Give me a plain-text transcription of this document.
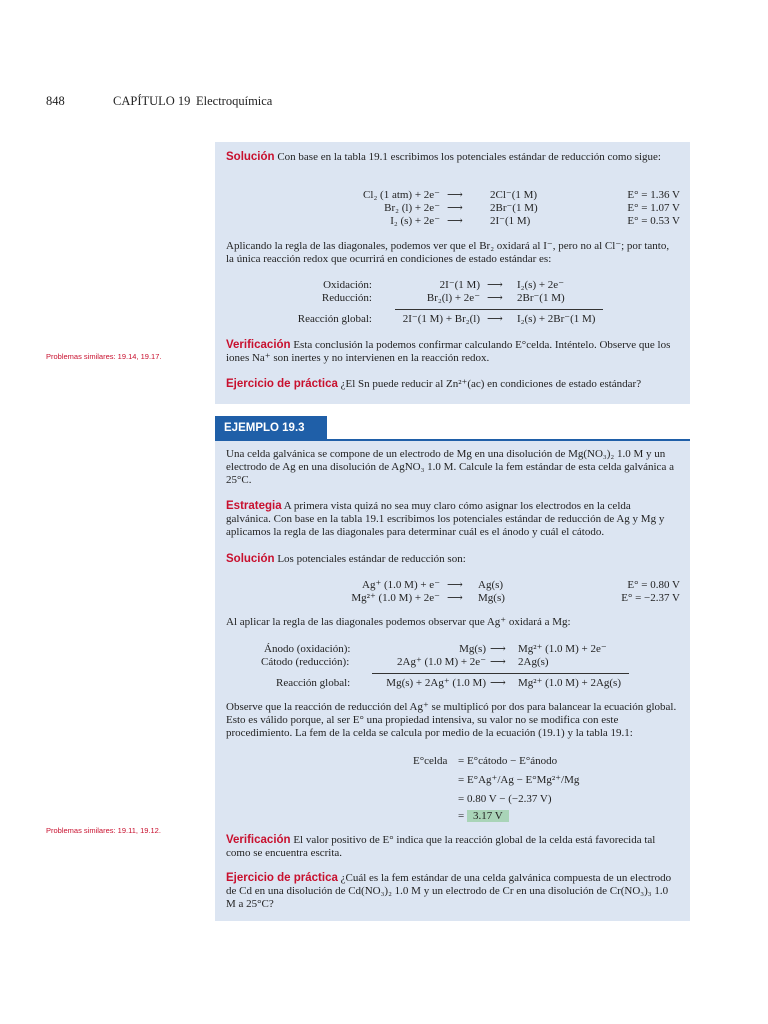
848	CAPÍTULO 19 Electroquímica
Solución Con base en la tabla 19.1 escribimos los potenciales estándar de reducción como sigue:
Cl₂ (1 atm) + 2e⁻ ⟶ 2Cl⁻(1 M)	E° = 1.36 V
Br₂ (l) + 2e⁻ ⟶ 2Br⁻(1 M)	E° = 1.07 V
I₂ (s) + 2e⁻ ⟶ 2I⁻(1 M)	E° = 0.53 V
Aplicando la regla de las diagonales, podemos ver que el Br₂ oxidará al I⁻, pero no al Cl⁻; por tanto, la única reacción redox que ocurrirá en condiciones de estado estándar es:
Oxidación:	2I⁻(1 M) ⟶ I₂(s) + 2e⁻
Reducción:	Br₂(l) + 2e⁻ ⟶ 2Br⁻(1 M)
Reacción global:	2I⁻(1 M) + Br₂(l) ⟶ I₂(s) + 2Br⁻(1 M)
Verificación Esta conclusión la podemos confirmar calculando E°celda. Inténtelo. Observe que los iones Na⁺ son inertes y no intervienen en la reacción redox.
Problemas similares: 19.14, 19.17.
Ejercicio de práctica ¿El Sn puede reducir al Zn²⁺(ac) en condiciones de estado estándar?
EJEMPLO 19.3
Una celda galvánica se compone de un electrodo de Mg en una disolución de Mg(NO₃)₂ 1.0 M y un electrodo de Ag en una disolución de AgNO₃ 1.0 M. Calcule la fem estándar de esta celda galvánica a 25°C.
Estrategia A primera vista quizá no sea muy claro cómo asignar los electrodos en la celda galvánica. Con base en la tabla 19.1 escribimos los potenciales estándar de reducción de Ag y Mg y aplicamos la regla de las diagonales para determinar cuál es el ánodo y cuál el cátodo.
Solución Los potenciales estándar de reducción son:
Ag⁺ (1.0 M) + e⁻ ⟶ Ag(s)	E° = 0.80 V
Mg²⁺ (1.0 M) + 2e⁻ ⟶ Mg(s)	E° = −2.37 V
Al aplicar la regla de las diagonales podemos observar que Ag⁺ oxidará a Mg:
Ánodo (oxidación):	Mg(s) ⟶ Mg²⁺ (1.0 M) + 2e⁻
Cátodo (reducción):	2Ag⁺ (1.0 M) + 2e⁻ ⟶ 2Ag(s)
Reacción global:	Mg(s) + 2Ag⁺ (1.0 M) ⟶ Mg²⁺ (1.0 M) + 2Ag(s)
Observe que la reacción de reducción del Ag⁺ se multiplicó por dos para balancear la ecuación global. Esto es válido porque, al ser E° una propiedad intensiva, su valor no se modifica con este procedimiento. La fem de la celda se calcula por medio de la ecuación (19.1) y la tabla 19.1:
E°celda = E°cátodo − E°ánodo
= E°Ag⁺/Ag − E°Mg²⁺/Mg
= 0.80 V − (−2.37 V)
= 3.17 V
Problemas similares: 19.11, 19.12.
Verificación El valor positivo de E° indica que la reacción global de la celda está favorecida tal como se encuentra escrita.
Ejercicio de práctica ¿Cuál es la fem estándar de una celda galvánica compuesta de un electrodo de Cd en una disolución de Cd(NO₃)₂ 1.0 M y un electrodo de Cr en una disolución de Cr(NO₃)₃ 1.0 M a 25°C?
